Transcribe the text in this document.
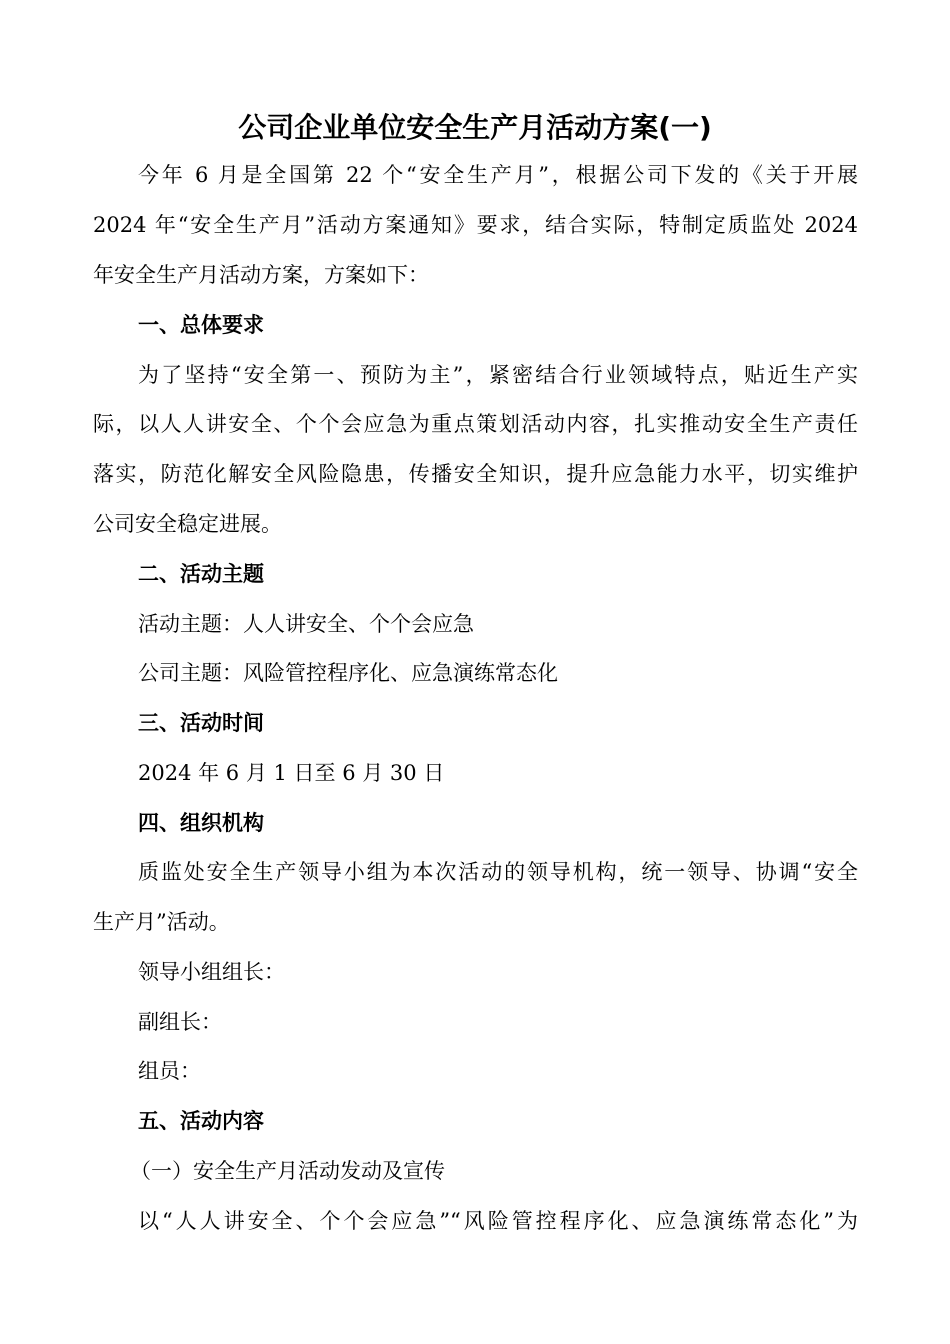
公司企业单位安全生产月活动方案(一)

今年 6 月是全国第 22 个“安全生产月”，根据公司下发的《关于开展

2024 年“安全生产月”活动方案通知》要求，结合实际，特制定质监处 2024

年安全生产月活动方案，方案如下：

一、总体要求

为了坚持“安全第一、预防为主”，紧密结合行业领域特点，贴近生产实

际，以人人讲安全、个个会应急为重点策划活动内容，扎实推动安全生产责任

落实，防范化解安全风险隐患，传播安全知识，提升应急能力水平，切实维护

公司安全稳定进展。

二、活动主题

活动主题：人人讲安全、个个会应急

公司主题：风险管控程序化、应急演练常态化

三、活动时间

2024 年 6 月 1 日至 6 月 30 日

四、组织机构

质监处安全生产领导小组为本次活动的领导机构，统一领导、协调“安全

生产月”活动。

领导小组组长：

副组长：

组员：

五、活动内容

（一）安全生产月活动发动及宣传

以“人人讲安全、个个会应急”“风险管控程序化、应急演练常态化”为
